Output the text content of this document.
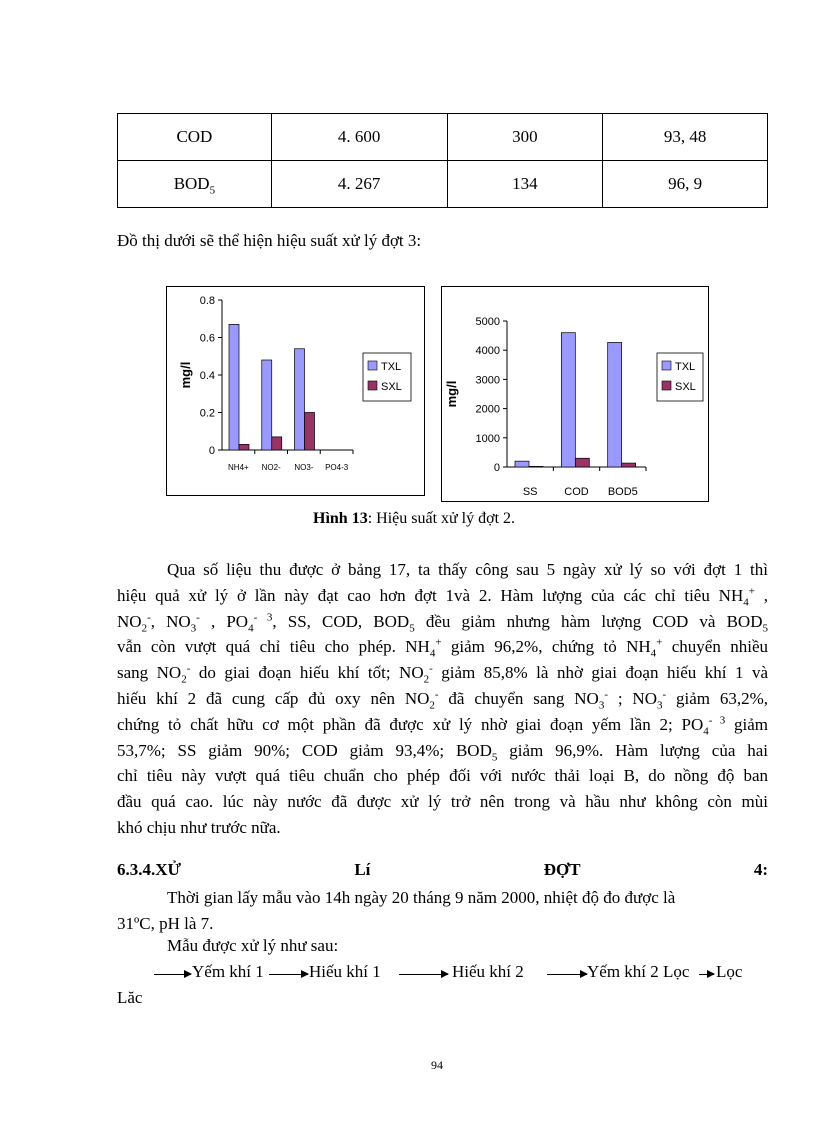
COD	4. 600	300	93, 48
$BOD_5$	4. 267	134	96, 9
Đồ thị dưới sẽ thể hiện hiệu suất xử lý đợt 3:
0
0.2
0.4
0.6
0.8
NH4+ NO2- NO3- PO4-3
mg/l	TXL
SXL
0
1000
2000
3000
4000
5000
SS COD BOD5
mg/l
TXL
SXL
Hình 13: Hiệu suất xử lý đợt 2.
Qua số liệu thu được ở bảng 17, ta thấy công sau 5 ngày xử lý so với đợt 1 thì
hiệu quả xử lý ở lần này đạt cao hơn đợt 1và 2. Hàm lượng của các chỉ tiêu $NH_4^+$ ,
$NO_2^-$, $NO_3^-$ , $PO_4^{- 3}$, SS, COD, $BOD_5$ đều giảm nhưng hàm lượng COD và $BOD_5$
vẫn còn vượt quá chỉ tiêu cho phép. $NH_4^+$ giảm 96,2%, chứng tỏ $NH_4^+$ chuyển nhiều
sang $NO_2^-$ do giai đoạn hiếu khí tốt; $NO_2^-$ giảm 85,8% là nhờ giai đoạn hiếu khí 1 và
hiếu khí 2 đã cung cấp đủ oxy nên $NO_2^-$ đã chuyển sang $NO_3^-$ ; $NO_3^-$ giảm 63,2%,
chứng tỏ chất hữu cơ một phần đã được xử lý nhờ giai đoạn yếm lần 2; $PO_4^{- 3}$ giảm
53,7%; SS giảm 90%; COD giảm 93,4%; $BOD_5$ giảm 96,9%. Hàm lượng của hai
chỉ tiêu này vượt quá tiêu chuẩn cho phép đối với nước thải loại B, do nồng độ ban
đầu quá cao. lúc này nước đã được xử lý trở nên trong và hầu như không còn mùi
khó chịu như trước nữa.
6.3.4.XỬ	Lí	ĐỢT	4:
Thời gian lấy mẫu vào 14h ngày 20 tháng 9 năm 2000, nhiệt độ đo được là
31ºC, pH là 7.
Mẫu được xử lý như sau:
Yếm khí 1	Hiếu khí 1	Hiếu khí 2	Yếm khí 2 Lọc Lọc
Lăc
94
